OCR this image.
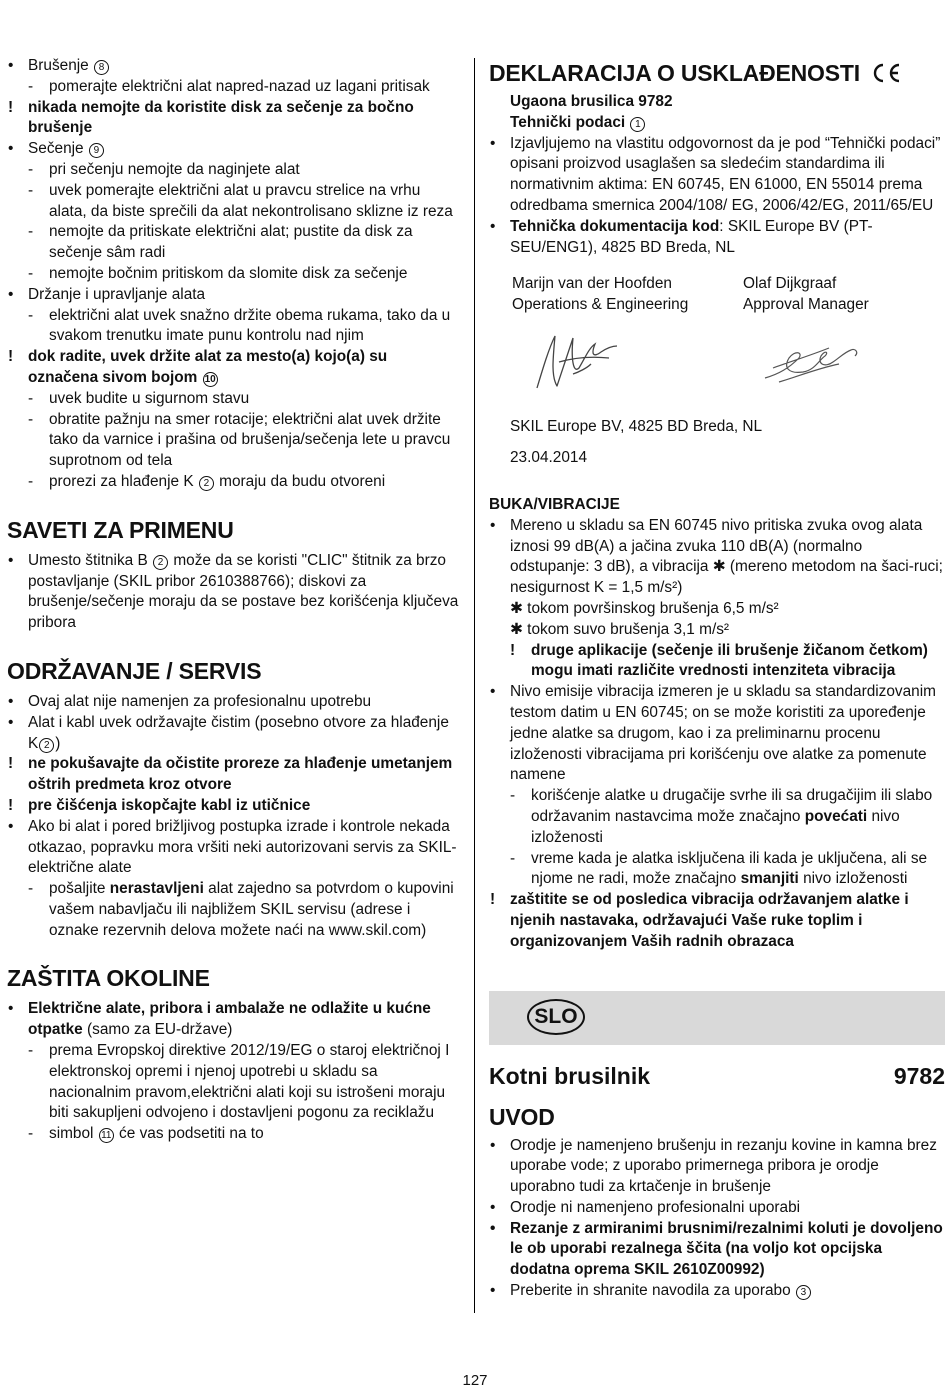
• Brušenje 8
- pomerajte električni alat napred-nazad uz lagani pritisak
! nikada nemojte da koristite disk za sečenje za bočno brušenje
• Sečenje 9
- pri sečenju nemojte da naginjete alat
- uvek pomerajte električni alat u pravcu strelice na vrhu alata, da biste sprečili da alat nekontrolisano sklizne iz reza
- nemojte da pritiskate električni alat; pustite da disk za sečenje sâm radi
- nemojte bočnim pritiskom da slomite disk za sečenje
• Držanje i upravljanje alata
- električni alat uvek snažno držite obema rukama, tako da u svakom trenutku imate punu kontrolu nad njim
! dok radite, uvek držite alat za mesto(a) kojo(a) su označena sivom bojom 10
- uvek budite u sigurnom stavu
- obratite pažnju na smer rotacije; električni alat uvek držite tako da varnice i prašina od brušenja/sečenja lete u pravcu suprotnom od tela
- prorezi za hlađenje K 2 moraju da budu otvoreni
SAVETI ZA PRIMENU
• Umesto štitnika B 2 može da se koristi "CLIC" štitnik za brzo postavljanje (SKIL pribor 2610388766); diskovi za brušenje/sečenje moraju da se postave bez korišćenja ključeva pribora
ODRŽAVANJE / SERVIS
• Ovaj alat nije namenjen za profesionalnu upotrebu
• Alat i kabl uvek održavajte čistim (posebno otvore za hlađenje K 2 )
! ne pokušavajte da očistite proreze za hlađenje umetanjem oštrih predmeta kroz otvore
! pre čišćenja iskopčajte kabl iz utičnice
• Ako bi alat i pored brižljivog postupka izrade i kontrole nekada otkazao, popravku mora vršiti neki autorizovani servis za SKIL-električne alate
- pošaljite nerastavljeni alat zajedno sa potvrdom o kupovini vašem nabavljaču ili najbližem SKIL servisu (adrese i oznake rezervnih delova možete naći na www.skil.com)
ZAŠTITA OKOLINE
• Električne alate, pribora i ambalaže ne odlažite u kućne otpatke (samo za EU-države)
- prema Evropskoj direktive 2012/19/EG o staroj električnoj I elektronskoj opremi i njenoj upotrebi u skladu sa nacionalnim pravom,električni alati koji su istrošeni moraju biti sakupljeni odvojeno i dostavljeni pogonu za reciklažu
- simbol 11 će vas podsetiti na to
DEKLARACIJA O USKLAĐENOSTI
Ugaona brusilica 9782
Tehnički podaci 1
• Izjavljujemo na vlastitu odgovornost da je pod “Tehnički podaci” opisani proizvod usaglašen sa sledećim standardima ili normativnim aktima: EN 60745, EN 61000, EN 55014 prema odredbama smernica 2004/108/ EG, 2006/42/EG, 2011/65/EU
• Tehnička dokumentacija kod: SKIL Europe BV (PT-SEU/ENG1), 4825 BD Breda, NL
Marijn van der Hoofden
Operations & Engineering
Olaf Dijkgraaf
Approval Manager
SKIL Europe BV, 4825 BD Breda, NL
23.04.2014
BUKA/VIBRACIJE
• Mereno u skladu sa EN 60745 nivo pritiska zvuka ovog alata iznosi 99 dB(A) a jačina zvuka 110 dB(A) (normalno odstupanje: 3 dB), a vibracija ✱ (mereno metodom na šaci-ruci; nesigurnost K = 1,5 m/s²)
✱ tokom površinskog brušenja 6,5 m/s²
✱ tokom suvo brušenja 3,1 m/s²
! druge aplikacije (sečenje ili brušenje žičanom četkom) mogu imati različite vrednosti intenziteta vibracija
• Nivo emisije vibracija izmeren je u skladu sa standardizovanim testom datim u EN 60745; on se može koristiti za upoređenje jedne alatke sa drugom, kao i za preliminarnu procenu izloženosti vibracijama pri korišćenju ove alatke za pomenute namene
- korišćenje alatke u drugačije svrhe ili sa drugačijim ili slabo održavanim nastavcima može značajno povećati nivo izloženosti
- vreme kada je alatka isključena ili kada je uključena, ali se njome ne radi, može značajno smanjiti nivo izloženosti
! zaštitite se od posledica vibracija održavanjem alatke i njenih nastavaka, održavajući Vaše ruke toplim i organizovanjem Vaših radnih obrazaca
SLO
Kotni brusilnik	9782
UVOD
• Orodje je namenjeno brušenju in rezanju kovine in kamna brez uporabe vode; z uporabo primernega pribora je orodje uporabno tudi za krtačenje in brušenje
• Orodje ni namenjeno profesionalni uporabi
• Rezanje z armiranimi brusnimi/rezalnimi koluti je dovoljeno le ob uporabi rezalnega ščita (na voljo kot opcijska dodatna oprema SKIL 2610Z00992)
• Preberite in shranite navodila za uporabo 3
127
